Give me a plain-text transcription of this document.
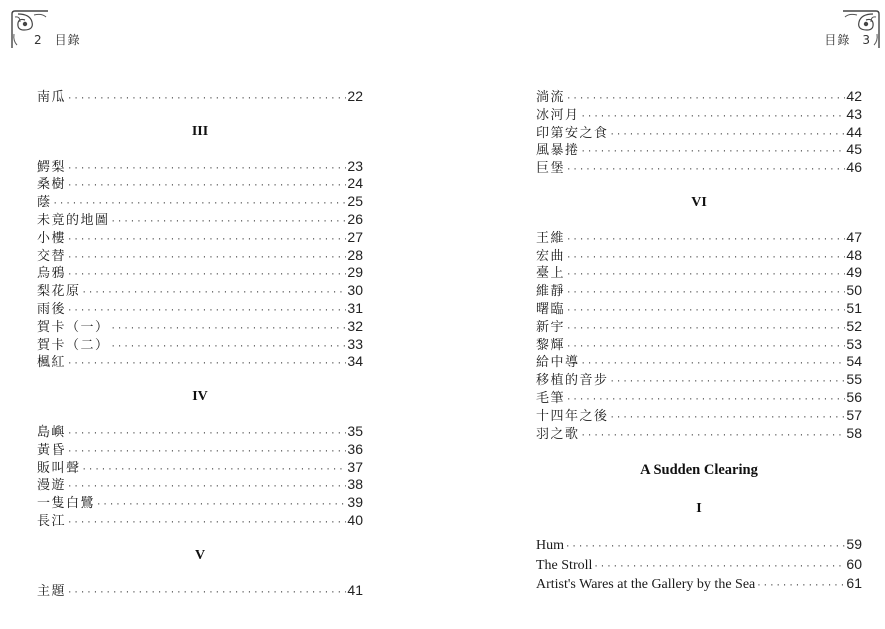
2 目錄
南瓜 ·····	22
III
鰐梨 ·····	23
桑樹 ·····	24
蔭 ·····	25
未竟的地圖 ·····	26
小樓 ·····	27
交替 ·····	28
烏鴉 ·····	29
梨花原 ·····	30
雨後 ·····	31
賀卡（一） ·····	32
賀卡（二） ·····	33
楓紅 ·····	34
IV
島嶼 ·····	35
黃昏 ·····	36
販叫聲 ·····	37
漫遊 ·····	38
一隻白鷺 ·····	39
長江 ·····	40
V
主題 ·····	41
目錄 3
淌流 ·····	42
冰河月 ·····	43
印第安之食 ·····	44
風暴捲 ·····	45
巨堡 ·····	46
VI
王維 ·····	47
宏曲 ·····	48
臺上 ·····	49
維靜 ·····	50
曙臨 ·····	51
新宇 ·····	52
黎輝 ·····	53
給中導 ·····	54
移植的音步 ·····	55
毛筆 ·····	56
十四年之後 ·····	57
羽之歌 ·····	58
A Sudden Clearing
I
Hum ·····	59
The Stroll ·····	60
Artist's Wares at the Gallery by the Sea ·····	61
